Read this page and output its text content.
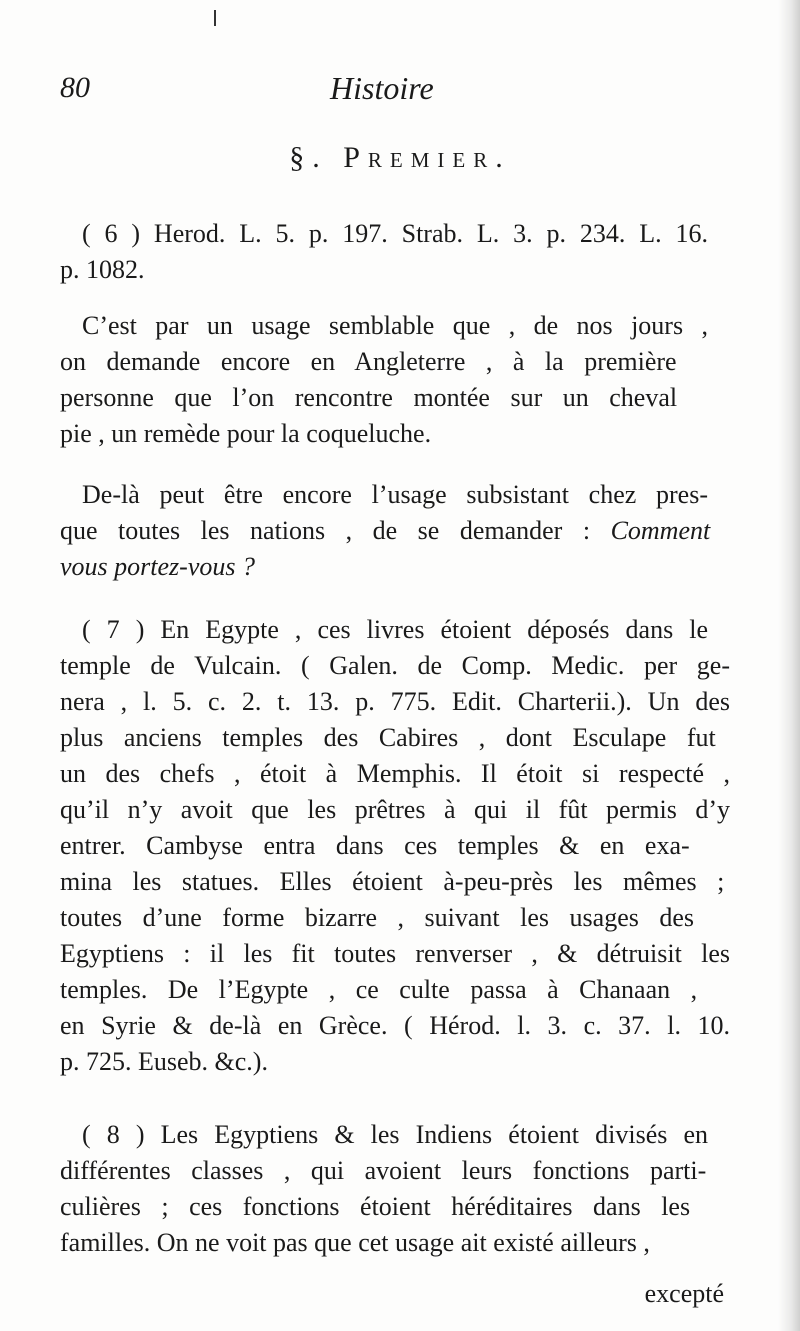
80	Histoire
§. Premier.

( 6 ) Herod. L. 5. p. 197. Strab. L. 3. p. 234. L. 16.

p. 1082.

C’est par un usage semblable que , de nos jours ,

on demande encore en Angleterre , à la première
personne que l’on rencontre montée sur un cheval
pie , un remède pour la coqueluche.

De-là peut être encore l’usage subsistant chez pres-

que toutes les nations , de se demander : Comment
vous portez-vous ?

( 7 ) En Egypte , ces livres étoient déposés dans le

temple de Vulcain. ( Galen. de Comp. Medic. per ge-
nera , l. 5. c. 2. t. 13. p. 775. Edit. Charterii.). Un des
plus anciens temples des Cabires , dont Esculape fut
un des chefs , étoit à Memphis. Il étoit si respecté ,
qu’il n’y avoit que les prêtres à qui il fût permis d’y
entrer. Cambyse entra dans ces temples & en exa-
mina les statues. Elles étoient à-peu-près les mêmes ;
toutes d’une forme bizarre , suivant les usages des
Egyptiens : il les fit toutes renverser , & détruisit les
temples. De l’Egypte , ce culte passa à Chanaan ,
en Syrie & de-là en Grèce. ( Hérod. l. 3. c. 37. l. 10.
p. 725. Euseb. &c.).

( 8 ) Les Egyptiens & les Indiens étoient divisés en

différentes classes , qui avoient leurs fonctions parti-
culières ; ces fonctions étoient héréditaires dans les
familles. On ne voit pas que cet usage ait existé ailleurs ,

excepté
